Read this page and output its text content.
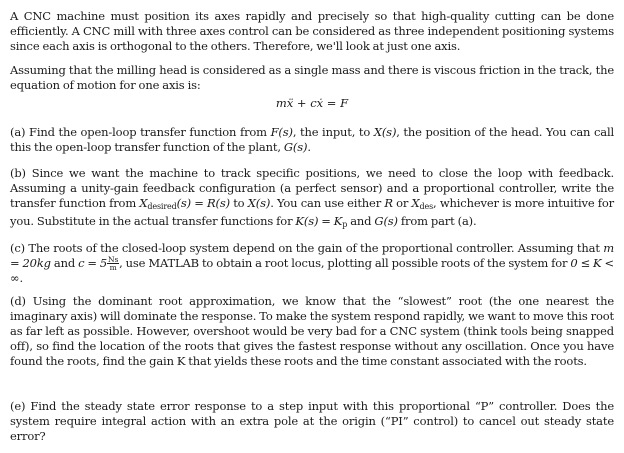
A CNC machine must position its axes rapidly and precisely so that high-quality cutting can be done efficiently. A CNC mill with three axes control can be considered as three independent positioning systems since each axis is orthogonal to the others. Therefore, we'll look at just one axis.

Assuming that the milling head is considered as a single mass and there is viscous friction in the track, the equation of motion for one axis is:

mẍ + cẋ = F

(a) Find the open-loop transfer function from F(s), the input, to X(s), the position of the head. You can call this the open-loop transfer function of the plant, G(s).

(b) Since we want the machine to track specific positions, we need to close the loop with feedback. Assuming a unity-gain feedback configuration (a perfect sensor) and a proportional controller, write the transfer function from $X_{desired}(s) = R(s)$ to X(s). You can use either R or $X_{des}$, whichever is more intuitive for you. Substitute in the actual transfer functions for $K(s) = K_p$ and G(s) from part (a).

(c) The roots of the closed-loop system depend on the gain of the proportional controller. Assuming that m = 20kg and $c = 5 \frac{Ns}{m}$ , use MATLAB to obtain a root locus, plotting all possible roots of the system for 0 ≤ K < ∞.

(d) Using the dominant root approximation, we know that the “slowest” root (the one nearest the imaginary axis) will dominate the response. To make the system respond rapidly, we want to move this root as far left as possible. However, overshoot would be very bad for a CNC system (think tools being snapped off), so find the location of the roots that gives the fastest response without any oscillation. Once you have found the roots, find the gain K that yields these roots and the time constant associated with the roots.

(e) Find the steady state error response to a step input with this proportional “P” controller. Does the system require integral action with an extra pole at the origin (“PI” control) to cancel out steady state error?
